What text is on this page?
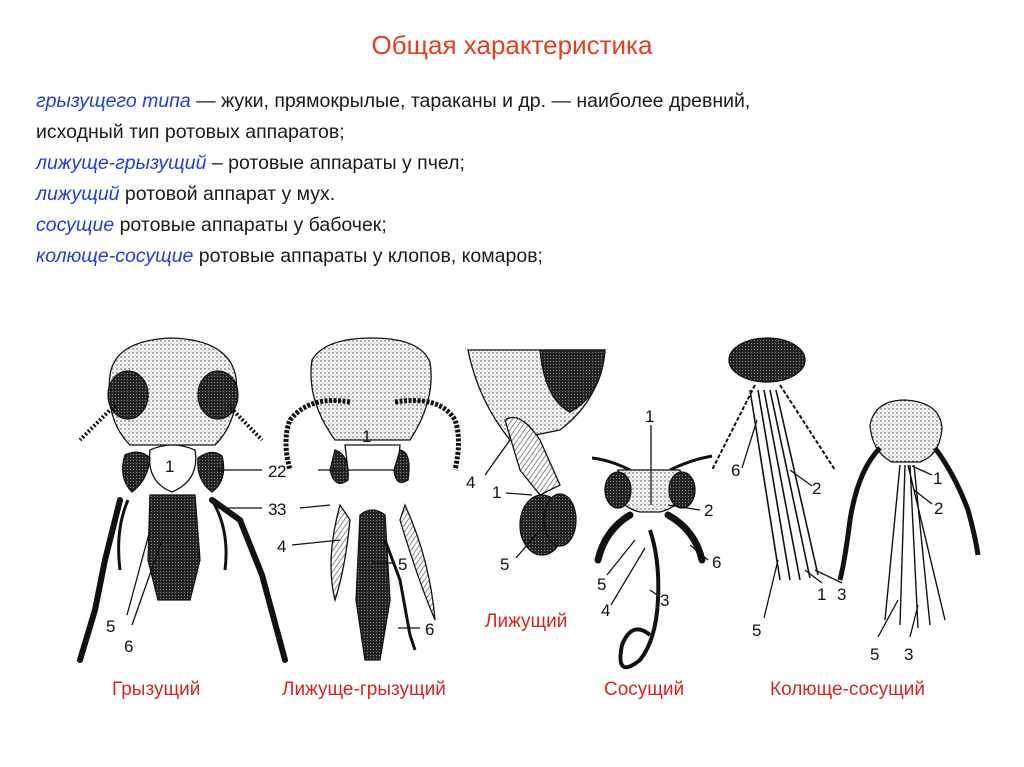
Общая характеристика
грызущего типа — жуки, прямокрылые, тараканы и др. — наиболее древний,
исходный тип ротовых аппаратов;
лижуще-грызущий – ротовые аппараты у пчел;
лижущий ротовой аппарат у мух.
сосущие ротовые аппараты у бабочек;
колюще-сосущие ротовые аппараты у клопов, комаров;
1	2
3
5
6
1
2
3
4
5
6
4
1
5
1
2
6
5
4
3
6
2
5
1 3
1
2
5 3
Грызущий	Лижуще-грызущий
Лижущий
Сосущий	Колюще-сосущий
